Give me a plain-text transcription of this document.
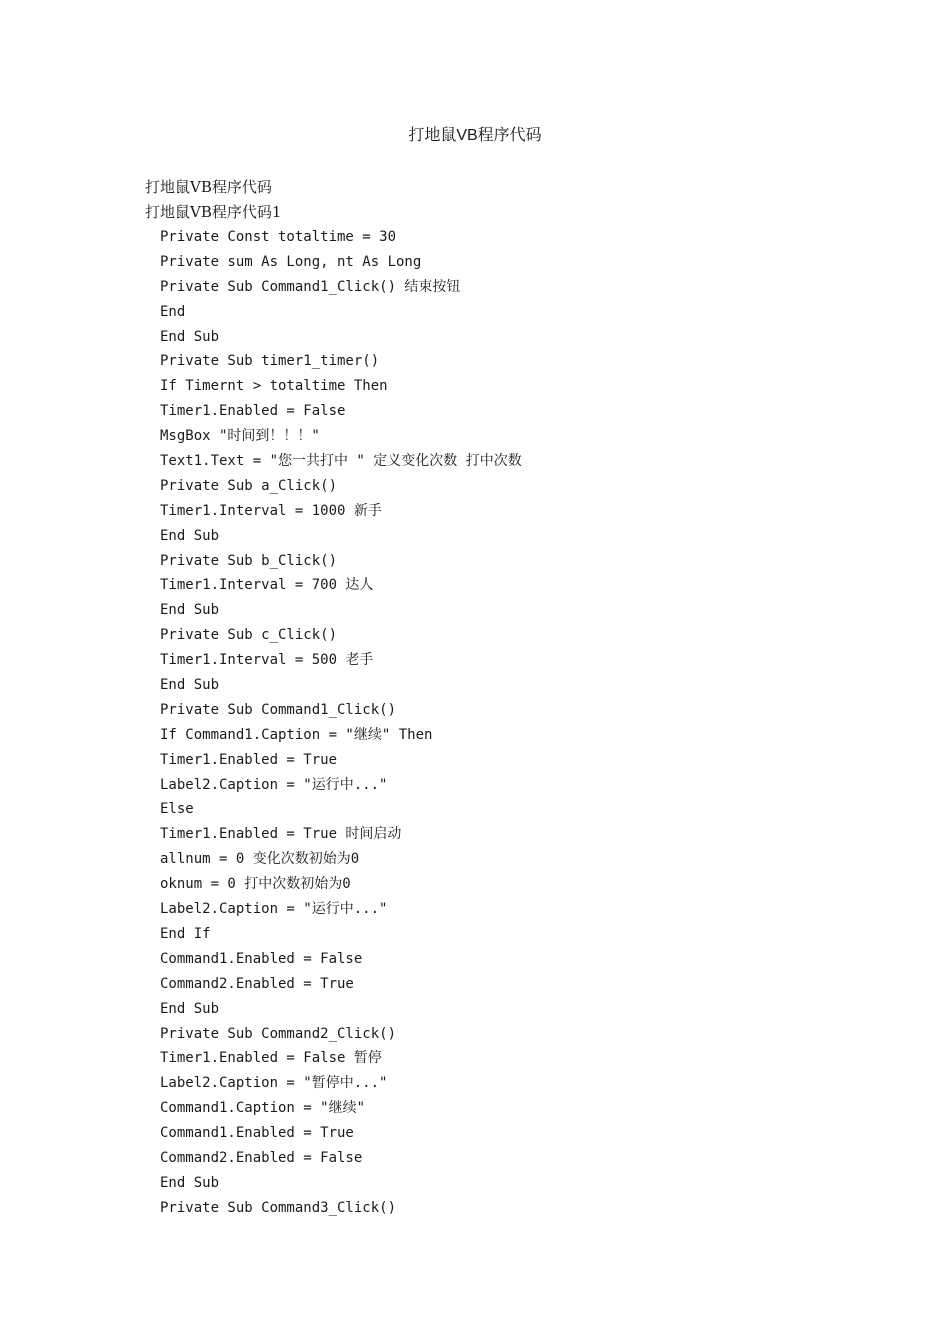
打地鼠VB程序代码
打地鼠VB程序代码
打地鼠VB程序代码1
Private Const totaltime = 30
Private sum As Long, nt As Long
Private Sub Command1_Click() 结束按钮
End
End Sub
Private Sub timer1_timer()
If Timernt > totaltime Then
Timer1.Enabled = False
MsgBox "时间到！！！"
Text1.Text = "您一共打中 " 定义变化次数 打中次数
Private Sub a_Click()
Timer1.Interval = 1000 新手
End Sub
Private Sub b_Click()
Timer1.Interval = 700 达人
End Sub
Private Sub c_Click()
Timer1.Interval = 500 老手
End Sub
Private Sub Command1_Click()
If Command1.Caption = "继续" Then
Timer1.Enabled = True
Label2.Caption = "运行中..."
Else
Timer1.Enabled = True 时间启动
allnum = 0 变化次数初始为0
oknum = 0 打中次数初始为0
Label2.Caption = "运行中..."
End If
Command1.Enabled = False
Command2.Enabled = True
End Sub
Private Sub Command2_Click()
Timer1.Enabled = False 暂停
Label2.Caption = "暂停中..."
Command1.Caption = "继续"
Command1.Enabled = True
Command2.Enabled = False
End Sub
Private Sub Command3_Click()
